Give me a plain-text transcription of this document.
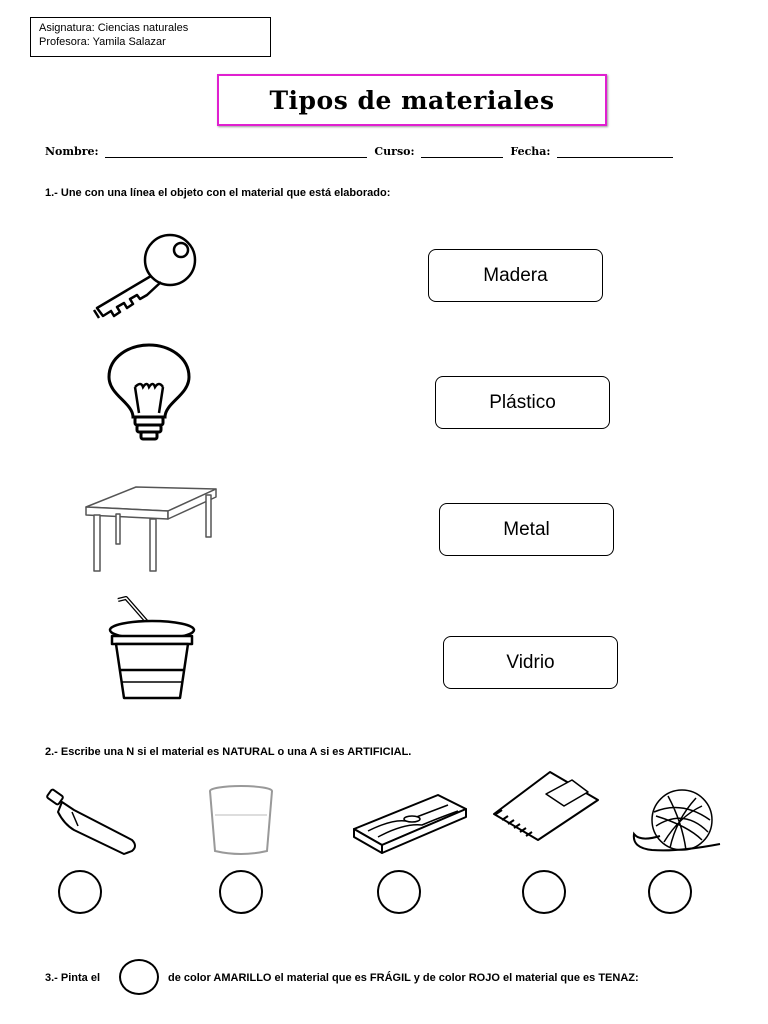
Asignatura: Ciencias naturales
Profesora: Yamila Salazar
Tipos de materiales
Nombre:	Curso:	Fecha:
1.- Une con una línea el objeto con el material que está elaborado:
Madera
Plástico
Metal
Vidrio
2.- Escribe una N si el material es NATURAL o una A si es ARTIFICIAL.
3.- Pinta el	de color AMARILLO el material que es FRÁGIL y de color ROJO el material que es TENAZ:
